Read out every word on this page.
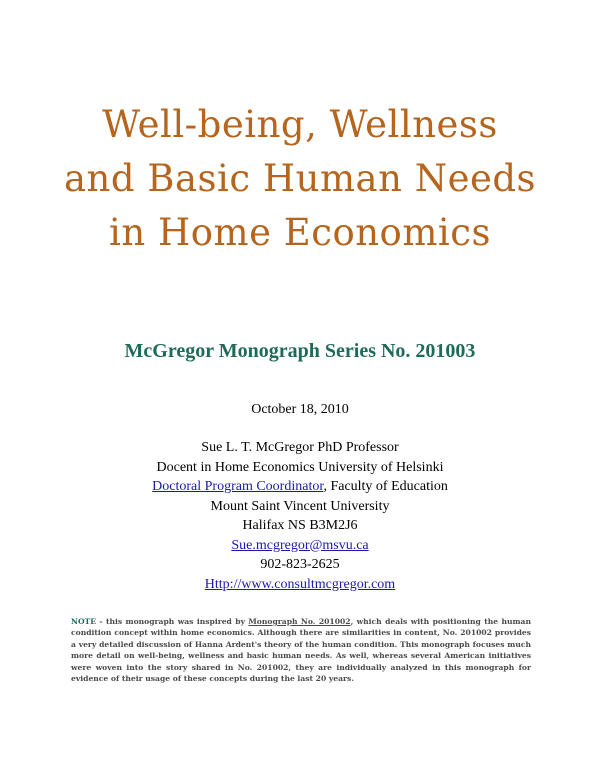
Well-being, Wellness
and Basic Human Needs
in Home Economics
McGregor Monograph Series No. 201003
October 18, 2010
Sue L. T. McGregor PhD Professor
Docent in Home Economics University of Helsinki
Doctoral Program Coordinator, Faculty of Education
Mount Saint Vincent University
Halifax NS B3M2J6
Sue.mcgregor@msvu.ca
902-823-2625
Http://www.consultmcgregor.com
NOTE - this monograph was inspired by Monograph No. 201002, which deals with positioning the human condition concept within home economics. Although there are similarities in content, No. 201002 provides a very detailed discussion of Hanna Ardent's theory of the human condition. This monograph focuses much more detail on well-being, wellness and basic human needs. As well, whereas several American initiatives were woven into the story shared in No. 201002, they are individually analyzed in this monograph for evidence of their usage of these concepts during the last 20 years.
